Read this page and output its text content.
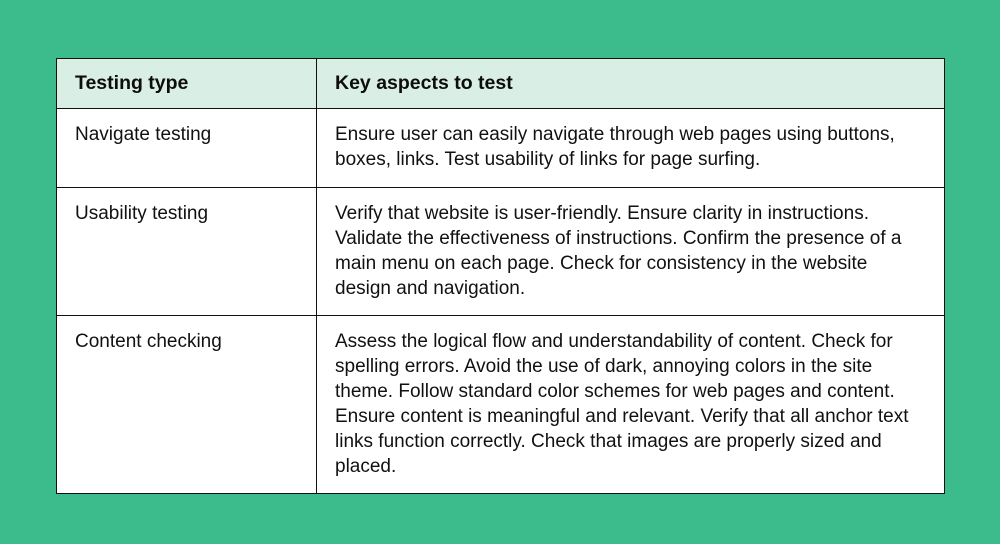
Testing type	Key aspects to test
Navigate testing	Ensure user can easily navigate through web pages using buttons, boxes, links. Test usability of links for page surfing.
Usability testing	Verify that website is user-friendly. Ensure clarity in instructions. Validate the effectiveness of instructions. Confirm the presence of a main menu on each page. Check for consistency in the website design and navigation.
Content checking	Assess the logical flow and understandability of content. Check for spelling errors. Avoid the use of dark, annoying colors in the site theme. Follow standard color schemes for web pages and content. Ensure content is meaningful and relevant. Verify that all anchor text links function correctly. Check that images are properly sized and placed.
